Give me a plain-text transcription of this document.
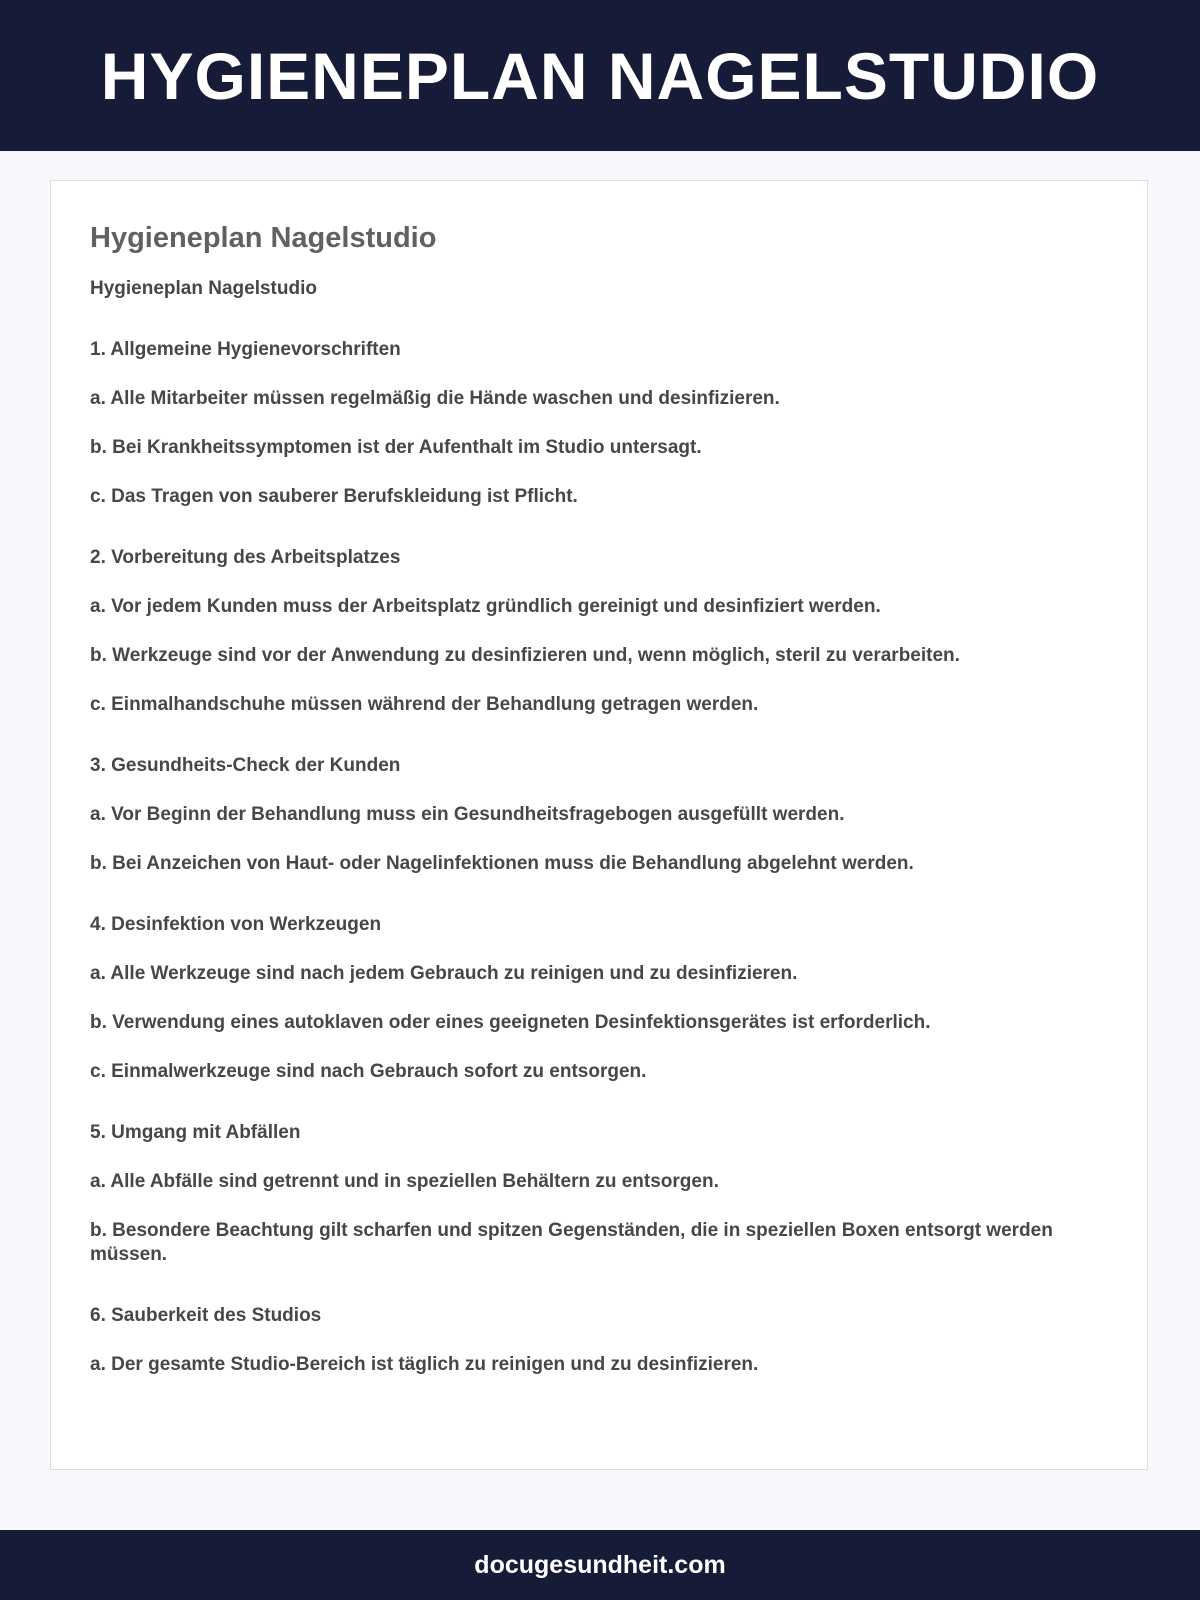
HYGIENEPLAN NAGELSTUDIO
Hygieneplan Nagelstudio

Hygieneplan Nagelstudio

1. Allgemeine Hygienevorschriften

a. Alle Mitarbeiter müssen regelmäßig die Hände waschen und desinfizieren.

b. Bei Krankheitssymptomen ist der Aufenthalt im Studio untersagt.

c. Das Tragen von sauberer Berufskleidung ist Pflicht.

2. Vorbereitung des Arbeitsplatzes

a. Vor jedem Kunden muss der Arbeitsplatz gründlich gereinigt und desinfiziert werden.

b. Werkzeuge sind vor der Anwendung zu desinfizieren und, wenn möglich, steril zu verarbeiten.

c. Einmalhandschuhe müssen während der Behandlung getragen werden.

3. Gesundheits-Check der Kunden

a. Vor Beginn der Behandlung muss ein Gesundheitsfragebogen ausgefüllt werden.

b. Bei Anzeichen von Haut- oder Nagelinfektionen muss die Behandlung abgelehnt werden.

4. Desinfektion von Werkzeugen

a. Alle Werkzeuge sind nach jedem Gebrauch zu reinigen und zu desinfizieren.

b. Verwendung eines autoklaven oder eines geeigneten Desinfektionsgerätes ist erforderlich.

c. Einmalwerkzeuge sind nach Gebrauch sofort zu entsorgen.

5. Umgang mit Abfällen

a. Alle Abfälle sind getrennt und in speziellen Behältern zu entsorgen.

b. Besondere Beachtung gilt scharfen und spitzen Gegenständen, die in speziellen Boxen entsorgt werden müssen.

6. Sauberkeit des Studios

a. Der gesamte Studio-Bereich ist täglich zu reinigen und zu desinfizieren.

docugesundheit.com
